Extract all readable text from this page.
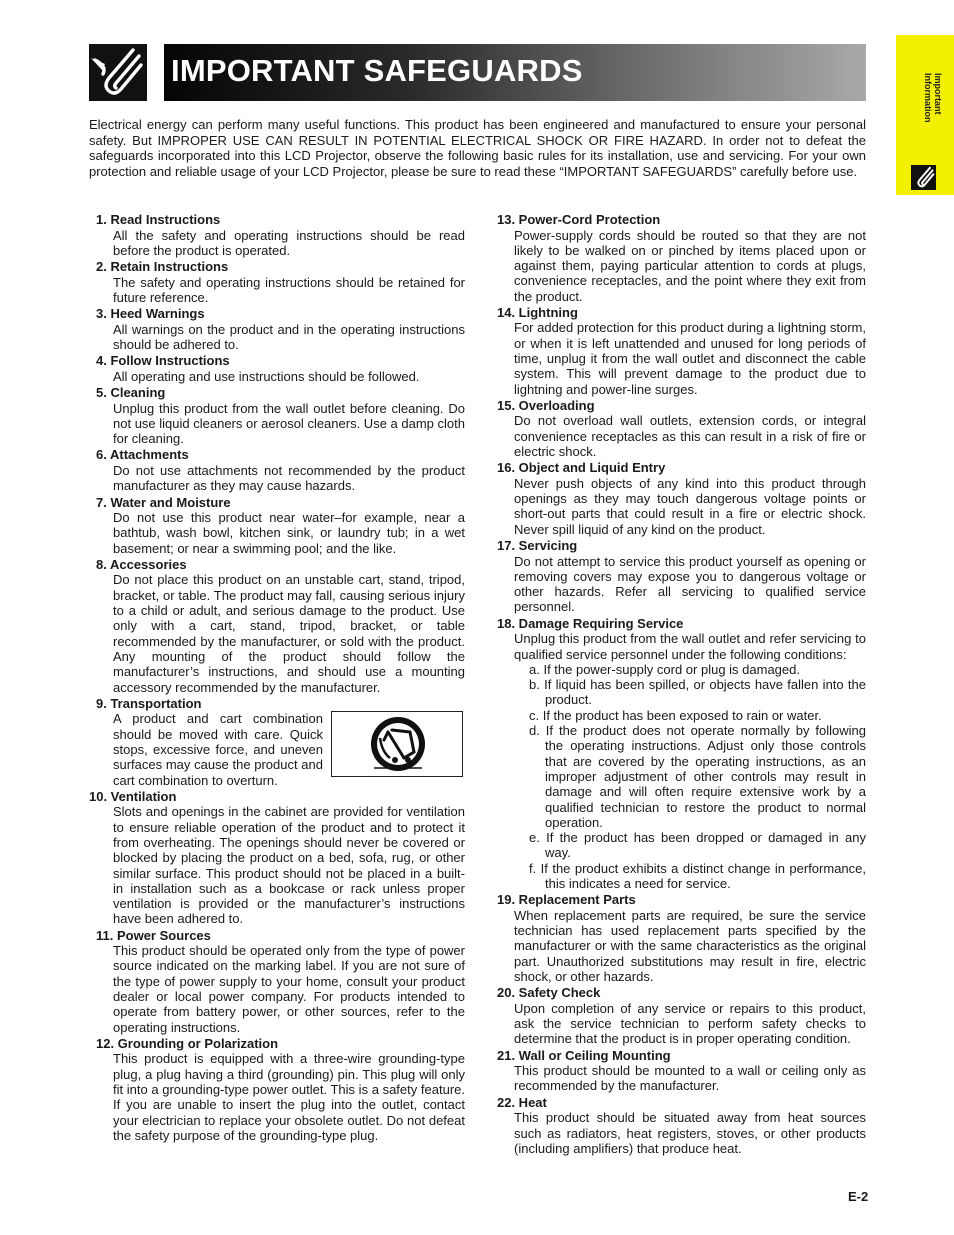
IMPORTANT SAFEGUARDS
Important
Information

Electrical energy can perform many useful functions. This product has been engineered and manufactured to ensure your personal safety. But IMPROPER USE CAN RESULT IN POTENTIAL ELECTRICAL SHOCK OR FIRE HAZARD. In order not to defeat the safeguards incorporated into this LCD Projector, observe the following basic rules for its installation, use and servicing. For your own protection and reliable usage of your LCD Projector, please be sure to read these “IMPORTANT SAFEGUARDS” carefully before use.

1. Read Instructions
All the safety and operating instructions should be read before the product is operated.
2. Retain Instructions
The safety and operating instructions should be retained for future reference.
3. Heed Warnings
All warnings on the product and in the operating instructions should be adhered to.
4. Follow Instructions
All operating and use instructions should be followed.
5. Cleaning
Unplug this product from the wall outlet before cleaning. Do not use liquid cleaners or aerosol cleaners. Use a damp cloth for cleaning.
6. Attachments
Do not use attachments not recommended by the product manufacturer as they may cause hazards.
7. Water and Moisture
Do not use this product near water–for example, near a bathtub, wash bowl, kitchen sink, or laundry tub; in a wet basement; or near a swimming pool; and the like.
8. Accessories
Do not place this product on an unstable cart, stand, tripod, bracket, or table. The product may fall, causing serious injury to a child or adult, and serious damage to the product. Use only with a cart, stand, tripod, bracket, or table recommended by the manufacturer, or sold with the product. Any mounting of the product should follow the manufacturer’s instructions, and should use a mounting accessory recommended by the manufacturer.
9. Transportation
A product and cart combination should be moved with care. Quick stops, excessive force, and uneven surfaces may cause the product and cart combination to overturn.
10. Ventilation
Slots and openings in the cabinet are provided for ventilation to ensure reliable operation of the product and to protect it from overheating. The openings should never be covered or blocked by placing the product on a bed, sofa, rug, or other similar surface. This product should not be placed in a built-in installation such as a bookcase or rack unless proper ventilation is provided or the manufacturer’s instructions have been adhered to.
11. Power Sources
This product should be operated only from the type of power source indicated on the marking label. If you are not sure of the type of power supply to your home, consult your product dealer or local power company. For products intended to operate from battery power, or other sources, refer to the operating instructions.
12. Grounding or Polarization
This product is equipped with a three-wire grounding-type plug, a plug having a third (grounding) pin. This plug will only fit into a grounding-type power outlet. This is a safety feature. If you are unable to insert the plug into the outlet, contact your electrician to replace your obsolete outlet. Do not defeat the safety purpose of the grounding-type plug.
13. Power-Cord Protection
Power-supply cords should be routed so that they are not likely to be walked on or pinched by items placed upon or against them, paying particular attention to cords at plugs, convenience receptacles, and the point where they exit from the product.
14. Lightning
For added protection for this product during a lightning storm, or when it is left unattended and unused for long periods of time, unplug it from the wall outlet and disconnect the cable system. This will prevent damage to the product due to lightning and power-line surges.
15. Overloading
Do not overload wall outlets, extension cords, or integral convenience receptacles as this can result in a risk of fire or electric shock.
16. Object and Liquid Entry
Never push objects of any kind into this product through openings as they may touch dangerous voltage points or short-out parts that could result in a fire or electric shock. Never spill liquid of any kind on the product.
17. Servicing
Do not attempt to service this product yourself as opening or removing covers may expose you to dangerous voltage or other hazards. Refer all servicing to qualified service personnel.
18. Damage Requiring Service
Unplug this product from the wall outlet and refer servicing to qualified service personnel under the following conditions:
a. If the power-supply cord or plug is damaged.
b. If liquid has been spilled, or objects have fallen into the product.
c. If the product has been exposed to rain or water.
d. If the product does not operate normally by following the operating instructions. Adjust only those controls that are covered by the operating instructions, as an improper adjustment of other controls may result in damage and will often require extensive work by a qualified technician to restore the product to normal operation.
e. If the product has been dropped or damaged in any way.
f. If the product exhibits a distinct change in performance, this indicates a need for service.
19. Replacement Parts
When replacement parts are required, be sure the service technician has used replacement parts specified by the manufacturer or with the same characteristics as the original part. Unauthorized substitutions may result in fire, electric shock, or other hazards.
20. Safety Check
Upon completion of any service or repairs to this product, ask the service technician to perform safety checks to determine that the product is in proper operating condition.
21. Wall or Ceiling Mounting
This product should be mounted to a wall or ceiling only as recommended by the manufacturer.
22. Heat
This product should be situated away from heat sources such as radiators, heat registers, stoves, or other products (including amplifiers) that produce heat.

E-2
